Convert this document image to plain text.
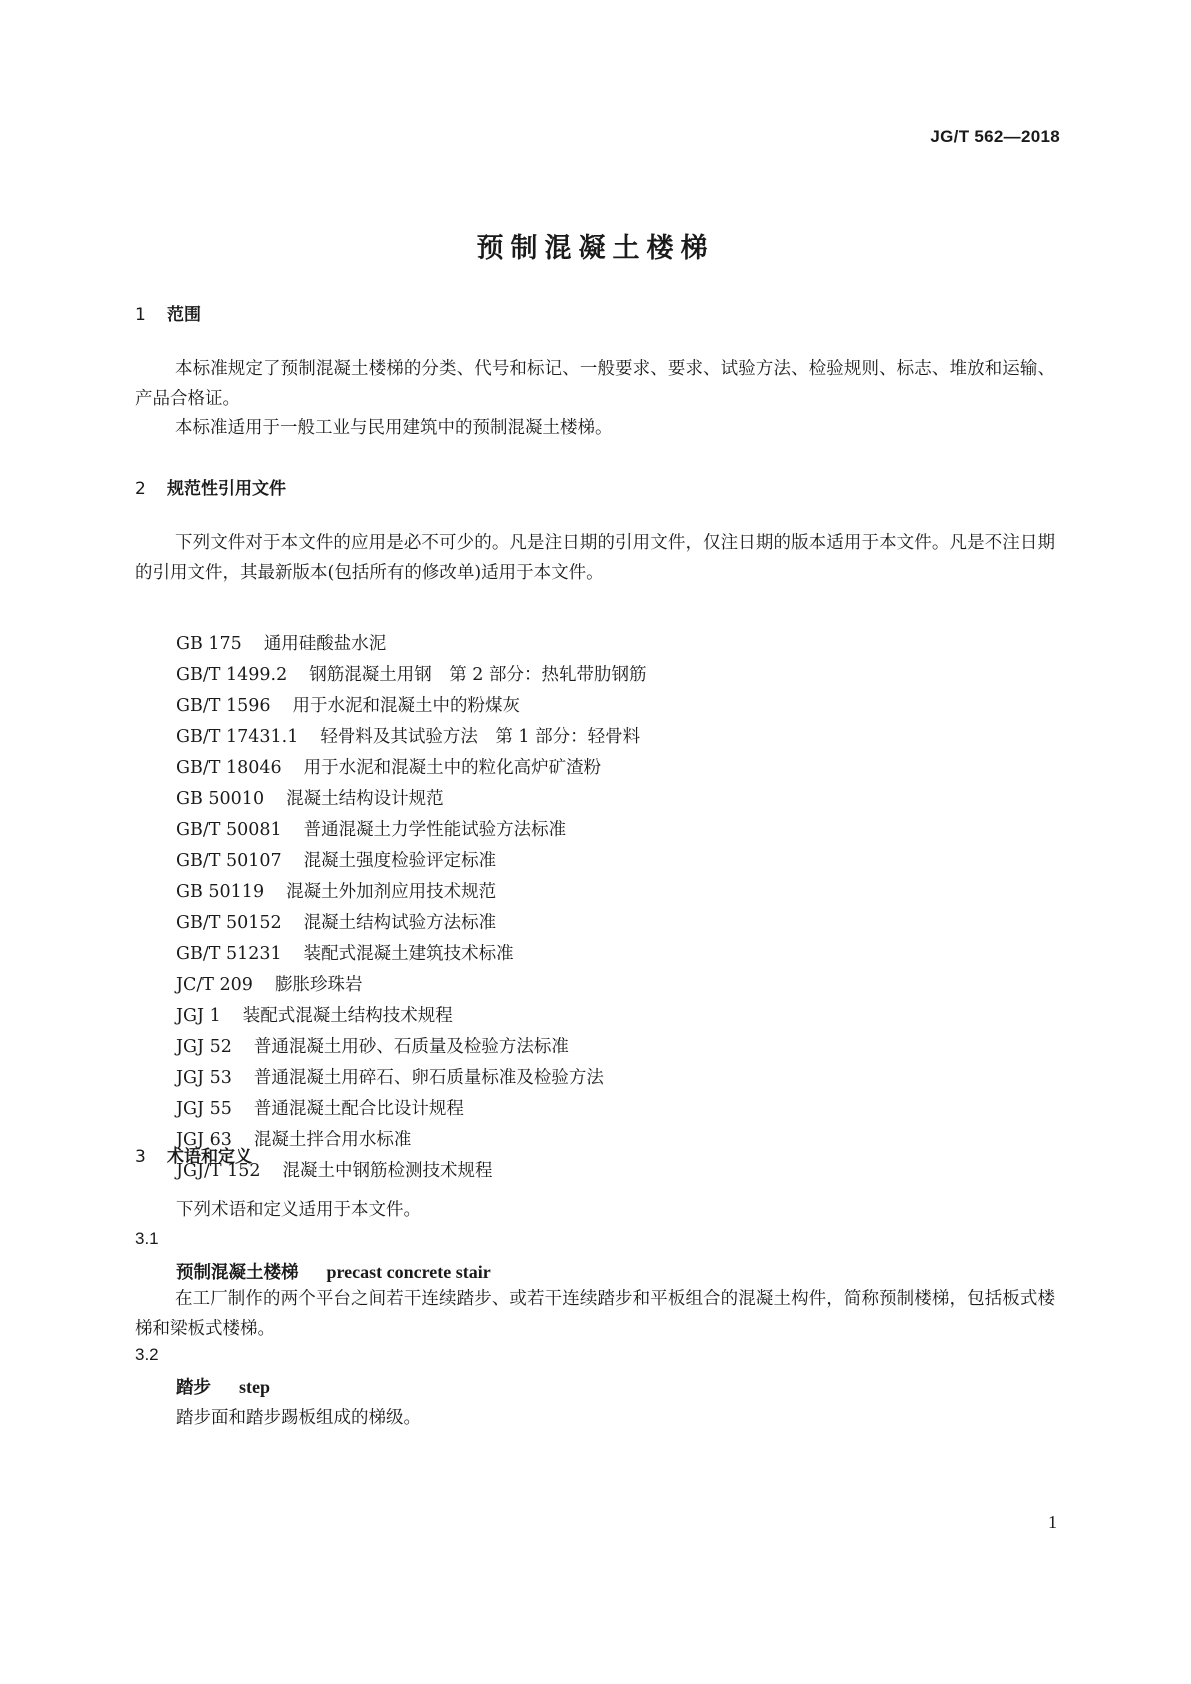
JG/T 562—2018
预制混凝土楼梯
1 范围
本标准规定了预制混凝土楼梯的分类、代号和标记、一般要求、要求、试验方法、检验规则、标志、堆放和运输、产品合格证。
本标准适用于一般工业与民用建筑中的预制混凝土楼梯。
2 规范性引用文件
下列文件对于本文件的应用是必不可少的。凡是注日期的引用文件，仅注日期的版本适用于本文件。凡是不注日期的引用文件，其最新版本(包括所有的修改单)适用于本文件。
GB 175 通用硅酸盐水泥
GB/T 1499.2 钢筋混凝土用钢　第 2 部分：热轧带肋钢筋
GB/T 1596 用于水泥和混凝土中的粉煤灰
GB/T 17431.1 轻骨料及其试验方法　第 1 部分：轻骨料
GB/T 18046 用于水泥和混凝土中的粒化高炉矿渣粉
GB 50010 混凝土结构设计规范
GB/T 50081 普通混凝土力学性能试验方法标准
GB/T 50107 混凝土强度检验评定标准
GB 50119 混凝土外加剂应用技术规范
GB/T 50152 混凝土结构试验方法标准
GB/T 51231 装配式混凝土建筑技术标准
JC/T 209 膨胀珍珠岩
JGJ 1 装配式混凝土结构技术规程
JGJ 52 普通混凝土用砂、石质量及检验方法标准
JGJ 53 普通混凝土用碎石、卵石质量标准及检验方法
JGJ 55 普通混凝土配合比设计规程
JGJ 63 混凝土拌合用水标准
JGJ/T 152 混凝土中钢筋检测技术规程
3 术语和定义
下列术语和定义适用于本文件。
3.1
预制混凝土楼梯 precast concrete stair
在工厂制作的两个平台之间若干连续踏步、或若干连续踏步和平板组合的混凝土构件，简称预制楼梯，包括板式楼梯和梁板式楼梯。
3.2
踏步 step
踏步面和踏步踢板组成的梯级。
1
